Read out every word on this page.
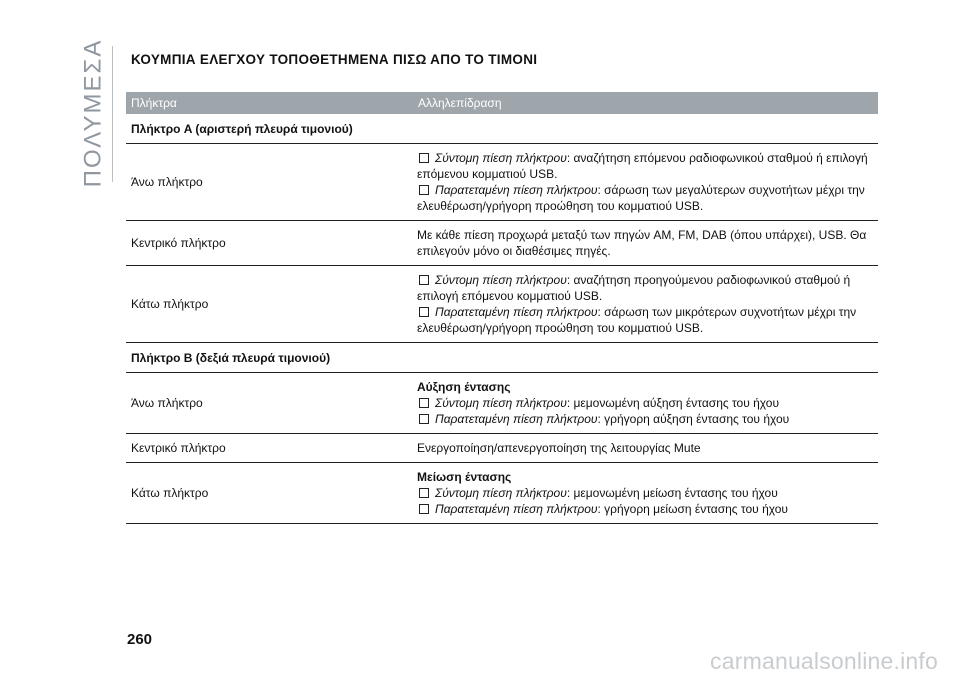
ΠΟΛΥΜΕΣΑ ΚΟΥΜΠΙΑ ΕΛΕΓΧΟΥ ΤΟΠΟΘΕΤΗΜΕΝΑ ΠΙΣΩ ΑΠΟ ΤΟ ΤΙΜΟΝΙ
Πλήκτρα	Αλληλεπίδραση
Πλήκτρο A (αριστερή πλευρά τιμονιού)
Άνω πλήκτρο
Σύντομη πίεση πλήκτρου: αναζήτηση επόμενου ραδιοφωνικού σταθμού ή επιλογή επόμενου κομματιού USB.
Παρατεταμένη πίεση πλήκτρου: σάρωση των μεγαλύτερων συχνοτήτων μέχρι την ελευθέρωση/γρήγορη προώθηση του κομματιού USB.
Κεντρικό πλήκτρο
Με κάθε πίεση προχωρά μεταξύ των πηγών AM, FM, DAB (όπου υπάρχει), USB. Θα επιλεγούν μόνο οι διαθέσιμες πηγές.
Κάτω πλήκτρο
Σύντομη πίεση πλήκτρου: αναζήτηση προηγούμενου ραδιοφωνικού σταθμού ή επιλογή επόμενου κομματιού USB.
Παρατεταμένη πίεση πλήκτρου: σάρωση των μικρότερων συχνοτήτων μέχρι την ελευθέρωση/γρήγορη προώθηση του κομματιού USB.
Πλήκτρο B (δεξιά πλευρά τιμονιού)
Άνω πλήκτρο
Αύξηση έντασης
Σύντομη πίεση πλήκτρου: μεμονωμένη αύξηση έντασης του ήχου
Παρατεταμένη πίεση πλήκτρου: γρήγορη αύξηση έντασης του ήχου
Κεντρικό πλήκτρο	Ενεργοποίηση/απενεργοποίηση της λειτουργίας Mute
Κάτω πλήκτρο
Μείωση έντασης
Σύντομη πίεση πλήκτρου: μεμονωμένη μείωση έντασης του ήχου
Παρατεταμένη πίεση πλήκτρου: γρήγορη μείωση έντασης του ήχου
260
carmanualsonline.info
